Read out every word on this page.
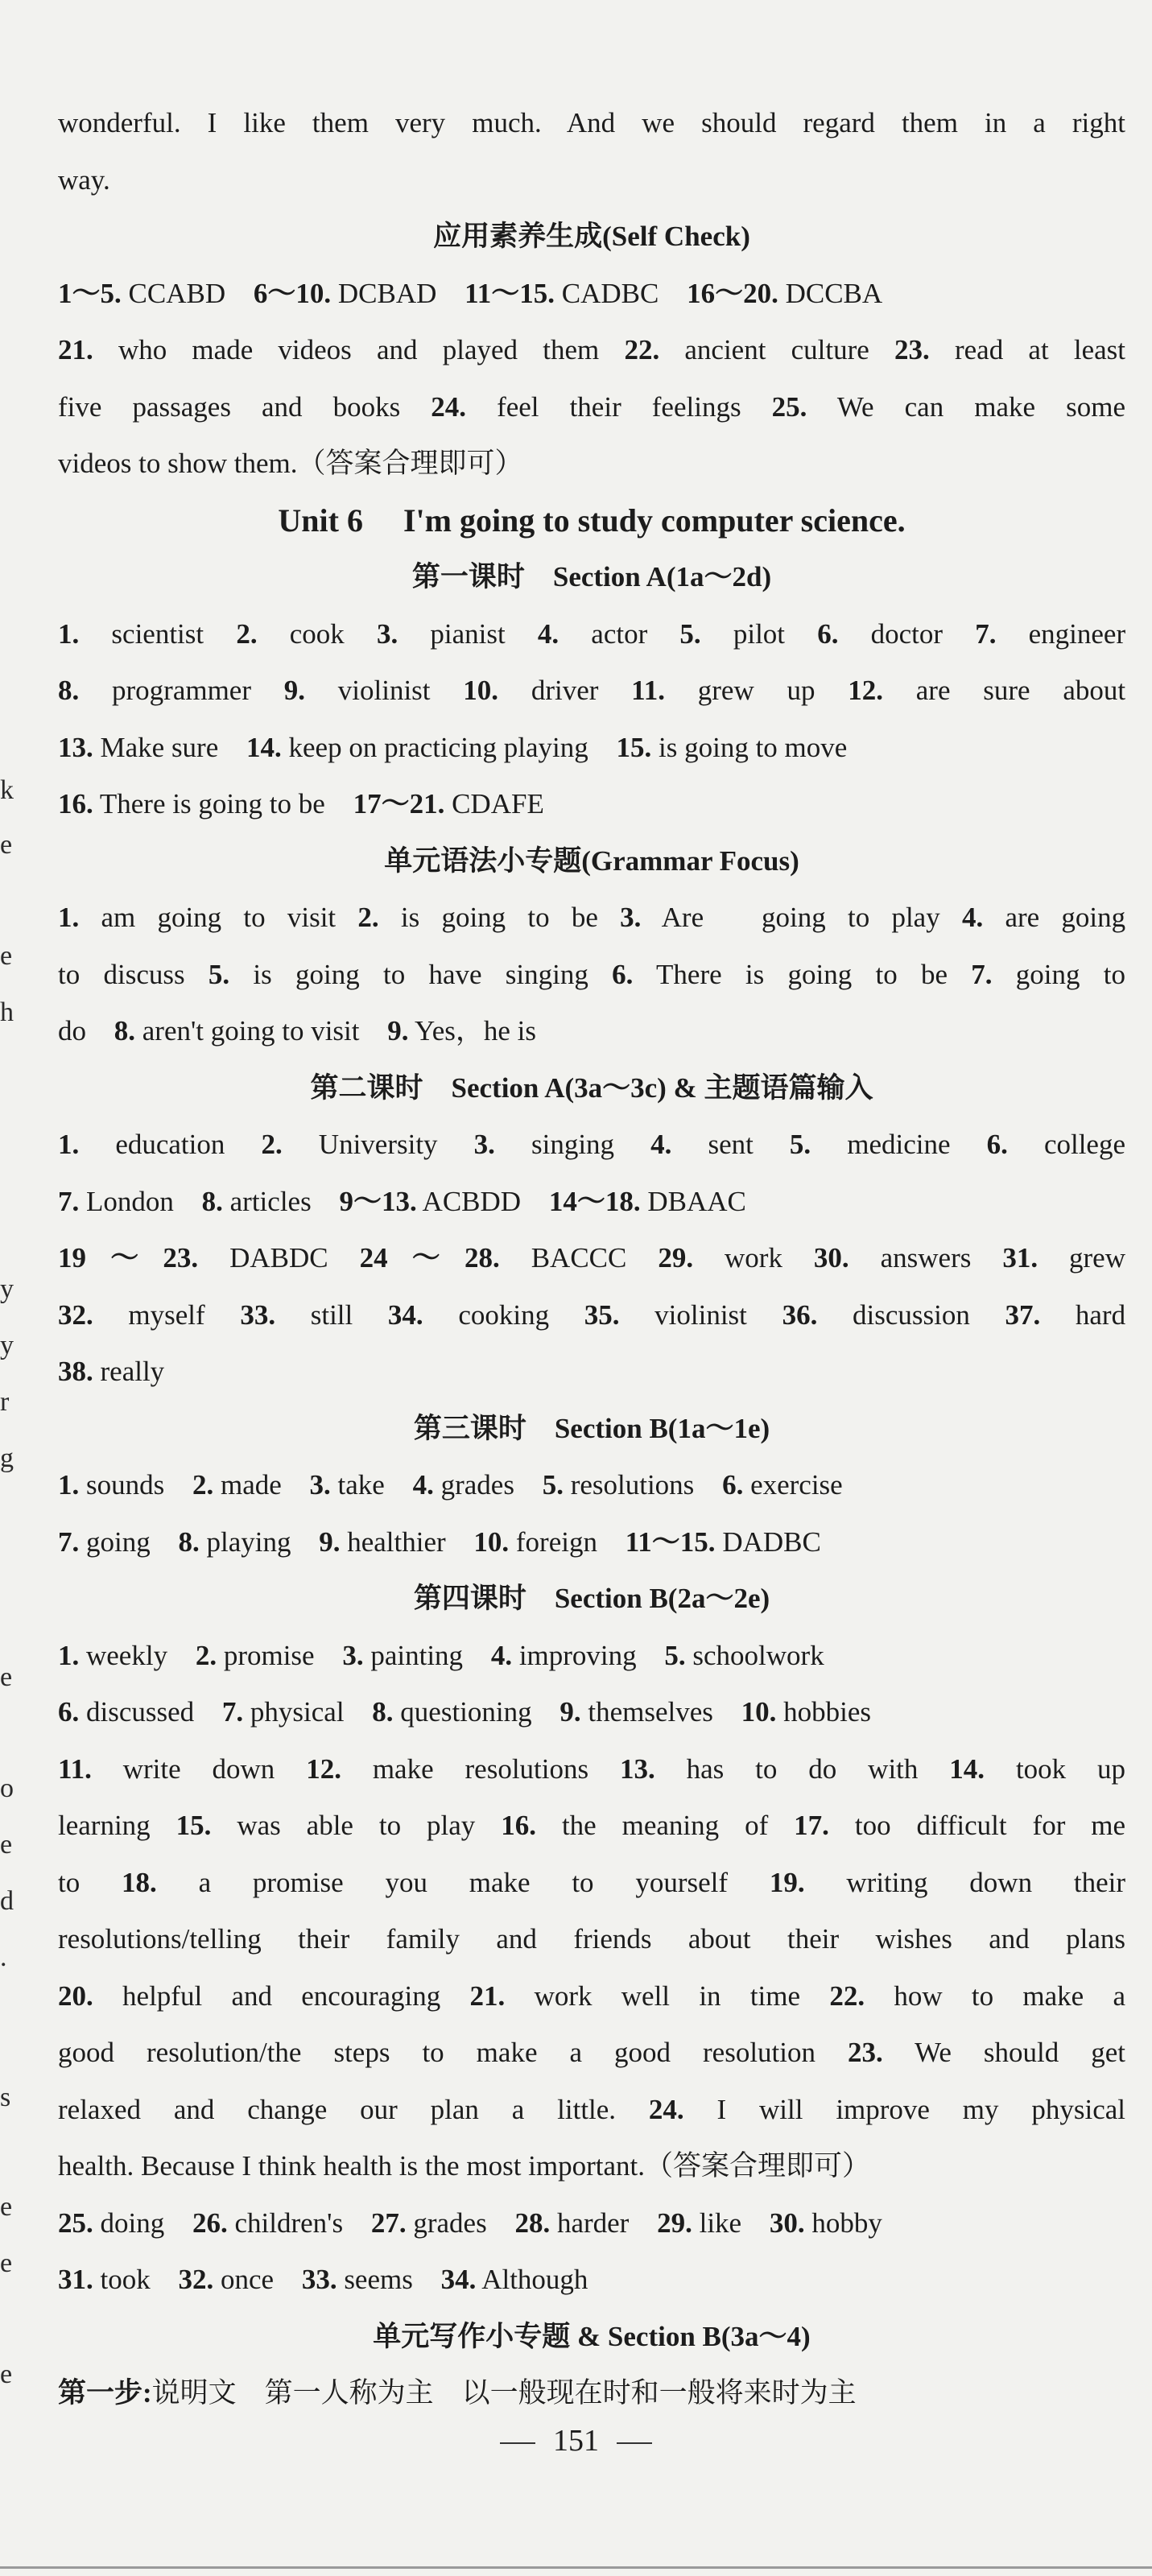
k
e
e
h
y
y
r
g
e
o
e
d
.
s
e
e
e
wonderful. I like them very much. And we should regard them in a right
way.
应用素养生成(Self Check)
1～5. CCABD 6～10. DCBAD 11～15. CADBC 16～20. DCCBA
21. who made videos and played them 22. ancient culture 23. read at least
five passages and books 24. feel their feelings 25. We can make some
videos to show them.（答案合理即可）
Unit 6　 I'm going to study computer science.
第一课时　Section A(1a～2d)
1. scientist 2. cook 3. pianist 4. actor 5. pilot 6. doctor 7. engineer
8. programmer 9. violinist 10. driver 11. grew up 12. are sure about
13. Make sure 14. keep on practicing playing 15. is going to move
16. There is going to be 17～21. CDAFE
单元语法小专题(Grammar Focus)
1. am going to visit 2. is going to be 3. Are　going to play 4. are going
to discuss 5. is going to have singing 6. There is going to be 7. going to
do 8. aren't going to visit 9. Yes，he is
第二课时　Section A(3a～3c) & 主题语篇输入
1. education 2. University 3. singing 4. sent 5. medicine 6. college
7. London 8. articles 9～13. ACBDD 14～18. DBAAC
19～23. DABDC 24～28. BACCC 29. work 30. answers 31. grew
32. myself 33. still 34. cooking 35. violinist 36. discussion 37. hard
38. really
第三课时　Section B(1a～1e)
1. sounds 2. made 3. take 4. grades 5. resolutions 6. exercise
7. going 8. playing 9. healthier 10. foreign 11～15. DADBC
第四课时　Section B(2a～2e)
1. weekly 2. promise 3. painting 4. improving 5. schoolwork
6. discussed 7. physical 8. questioning 9. themselves 10. hobbies
11. write down 12. make resolutions 13. has to do with 14. took up
learning 15. was able to play 16. the meaning of 17. too difficult for me
to 18. a promise you make to yourself 19. writing down their
resolutions/telling their family and friends about their wishes and plans
20. helpful and encouraging 21. work well in time 22. how to make a
good resolution/the steps to make a good resolution 23. We should get
relaxed and change our plan a little. 24. I will improve my physical
health. Because I think health is the most important.（答案合理即可）
25. doing 26. children's 27. grades 28. harder 29. like 30. hobby
31. took 32. once 33. seems 34. Although
单元写作小专题 & Section B(3a～4)
第一步:说明文　第一人称为主　以一般现在时和一般将来时为主
151
